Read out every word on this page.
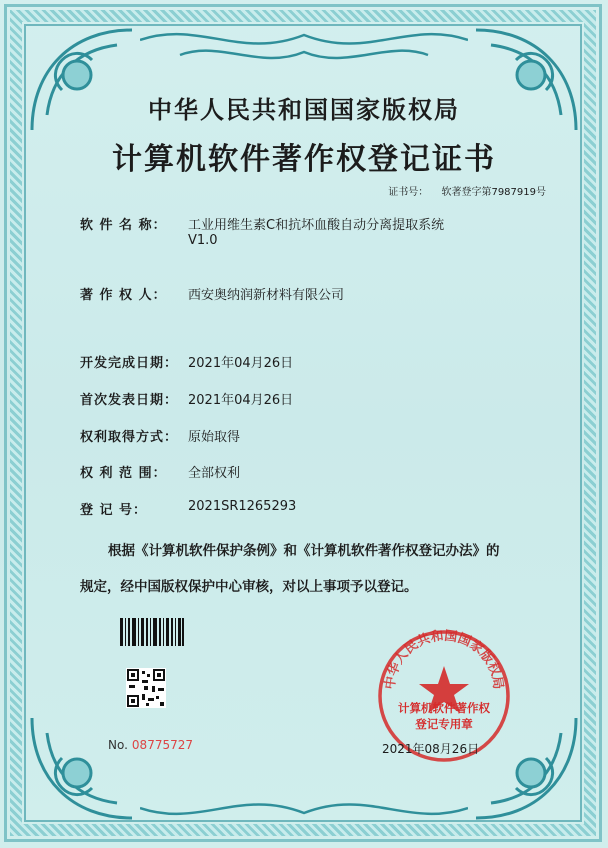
中华人民共和国国家版权局
计算机软件著作权登记证书
证书号： 软著登字第7987919号
软 件 名 称： 工业用维生素C和抗坏血酸自动分离提取系统
V1.0
著 作 权 人： 西安奥纳润新材料有限公司
开发完成日期： 2021年04月26日
首次发表日期： 2021年04月26日
权利取得方式： 原始取得
权 利 范 围： 全部权利
登 记 号：	2021SR1265293
根据《计算机软件保护条例》和《计算机软件著作权登记办法》的
规定，经中国版权保护中心审核，对以上事项予以登记。
No. 08775727
中华人民共和国国家版权局
计算机软件著作权
登记专用章
2021年08月26日
